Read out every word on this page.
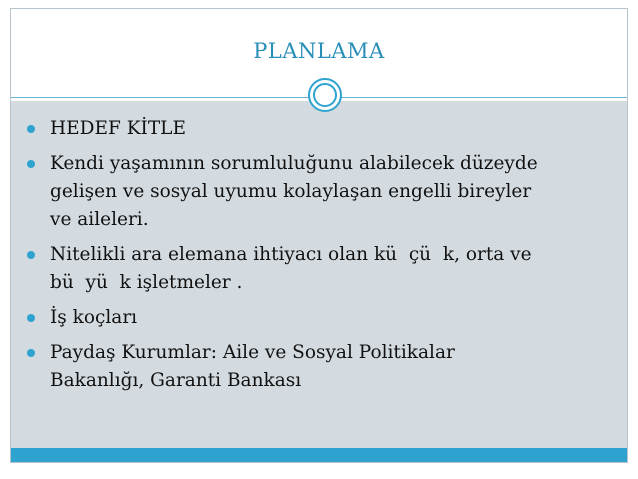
PLANLAMA
HEDEF KİTLE
Kendi yaşamının sorumluluğunu alabilecek düzeyde
gelişen ve sosyal uyumu kolaylaşan engelli bireyler
ve aileleri.
Nitelikli ara elemana ihtiyacı olan kü  çü  k, orta ve
bü  yü  k işletmeler .
İş koçları
Paydaş Kurumlar: Aile ve Sosyal Politikalar
Bakanlığı, Garanti Bankası
